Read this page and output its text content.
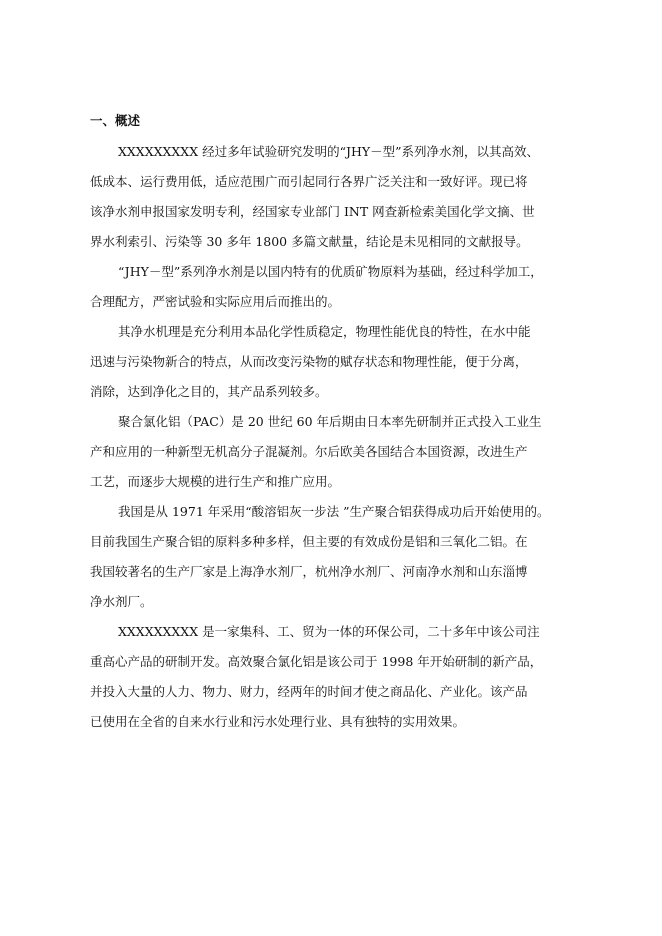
一、概述
XXXXXXXXX 经过多年试验研究发明的“JHY－型”系列净水剂，以其高效、
低成本、运行费用低，适应范围广而引起同行各界广泛关注和一致好评。现已将
该净水剂申报国家发明专利，经国家专业部门 INT 网查新检索美国化学文摘、世
界水利索引、污染等 30 多年 1800 多篇文献量，结论是未见相同的文献报导。
“JHY－型”系列净水剂是以国内特有的优质矿物原料为基础，经过科学加工，
合理配方，严密试验和实际应用后而推出的。
其净水机理是充分利用本品化学性质稳定，物理性能优良的特性，在水中能
迅速与污染物新合的特点，从而改变污染物的赋存状态和物理性能，便于分离，
消除，达到净化之目的，其产品系列较多。
聚合氯化铝（PAC）是 20 世纪 60 年后期由日本率先研制并正式投入工业生
产和应用的一种新型无机高分子混凝剂。尔后欧美各国结合本国资源，改进生产
工艺，而逐步大规模的进行生产和推广应用。
我国是从 1971 年采用“酸溶铝灰一步法 ”生产聚合铝获得成功后开始使用的。
目前我国生产聚合铝的原料多种多样，但主要的有效成份是铝和三氧化二铝。在
我国较著名的生产厂家是上海净水剂厂，杭州净水剂厂、河南净水剂和山东淄博
净水剂厂。
XXXXXXXXX 是一家集科、工、贸为一体的环保公司，二十多年中该公司注
重高心产品的研制开发。高效聚合氯化铝是该公司于 1998 年开始研制的新产品，
并投入大量的人力、物力、财力，经两年的时间才使之商品化、产业化。该产品
已使用在全省的自来水行业和污水处理行业、具有独特的实用效果。
